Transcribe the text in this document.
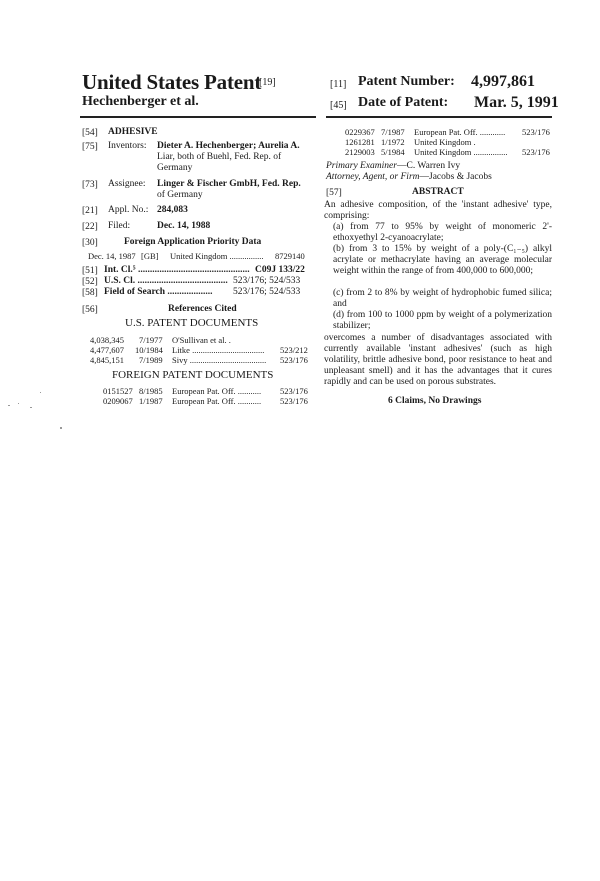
United States Patent
[19]
Hechenberger et al.
[11] Patent Number: 4,997,861
[45] Date of Patent: Mar. 5, 1991
[54] ADHESIVE
[75] Inventors: Dieter A. Hechenberger; Aurelia A.
Liar, both of Buehl, Fed. Rep. of
Germany
[73] Assignee: Linger & Fischer GmbH, Fed. Rep.
of Germany
[21] Appl. No.: 284,083
[22] Filed:	Dec. 14, 1988
[30]	Foreign Application Priority Data
Dec. 14, 1987 [GB] United Kingdom ................ 8729140
[51] Int. Cl.⁵ ............................................... C09J 133/22
[52] U.S. Cl. ...................................... 523/176; 524/533
[58] Field of Search ................... 523/176; 524/533
[56]	References Cited
U.S. PATENT DOCUMENTS
4,038,345 7/1977 O'Sullivan et al. .
4,477,607 10/1984 Litke .................................. 523/212
4,845,151 7/1989 Sivy .................................... 523/176
FOREIGN PATENT DOCUMENTS
0151527 8/1985 European Pat. Off. ........... 523/176
0209067 1/1987 European Pat. Off. ........... 523/176
0229367 7/1987 European Pat. Off. ............ 523/176
1261281 1/1972 United Kingdom .
2129003 5/1984 United Kingdom ................ 523/176
Primary Examiner—C. Warren Ivy
Attorney, Agent, or Firm—Jacobs & Jacobs
[57]	ABSTRACT
An adhesive composition, of the 'instant adhesive' type, comprising:
(a) from 77 to 95% by weight of monomeric 2'-ethoxyethyl 2-cyanoacrylate;
(b) from 3 to 15% by weight of a poly-(C₁₋₅) alkyl acrylate or methacrylate having an average molecular weight within the range of from 400,000 to 600,000;
(c) from 2 to 8% by weight of hydrophobic fumed silica; and
(d) from 100 to 1000 ppm by weight of a polymerization stabilizer;
overcomes a number of disadvantages associated with currently available 'instant adhesives' (such as high volatility, brittle adhesive bond, poor resistance to heat and unpleasant smell) and it has the advantages that it cures rapidly and can be used on porous substrates.
6 Claims, No Drawings
